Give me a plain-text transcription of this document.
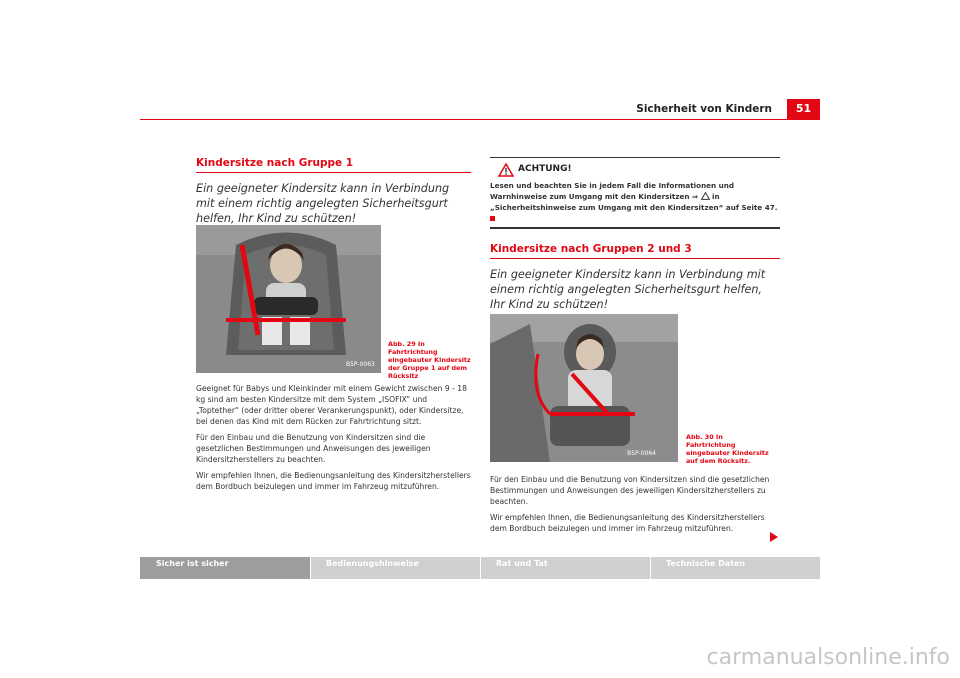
Sicherheit von Kindern	51
Kindersitze nach Gruppe 1

Ein geeigneter Kindersitz kann in Verbindung mit einem richtig angelegten Sicherheitsgurt helfen, Ihr Kind zu schützen!

B5P-0063
Abb. 29 In Fahrtrichtung eingebauter Kindersitz der Gruppe 1 auf dem Rücksitz

Geeignet für Babys und Kleinkinder mit einem Gewicht zwischen 9 - 18 kg sind am besten Kindersitze mit dem System „ISOFIX“ und „Toptether“ (oder dritter oberer Verankerungspunkt), oder Kindersitze, bei denen das Kind mit dem Rücken zur Fahrtrichtung sitzt.

Für den Einbau und die Benutzung von Kindersitzen sind die gesetzlichen Bestimmungen und Anweisungen des jeweiligen Kindersitzherstellers zu beachten.

Wir empfehlen Ihnen, die Bedienungsanleitung des Kindersitzherstellers dem Bordbuch beizulegen und immer im Fahrzeug mitzuführen.

ACHTUNG!

Lesen und beachten Sie in jedem Fall die Informationen und Warnhinweise zum Umgang mit den Kindersitzen ⇒  in „Sicherheitshinweise zum Umgang mit den Kindersitzen“ auf Seite 47.

Kindersitze nach Gruppen 2 und 3

Ein geeigneter Kindersitz kann in Verbindung mit einem richtig angelegten Sicherheitsgurt helfen, Ihr Kind zu schützen!

B5P-0064
Abb. 30 In Fahrtrichtung eingebauter Kindersitz auf dem Rücksitz.

Für den Einbau und die Benutzung von Kindersitzen sind die gesetzlichen Bestimmungen und Anweisungen des jeweiligen Kindersitzherstellers zu beachten.

Wir empfehlen Ihnen, die Bedienungsanleitung des Kindersitzherstellers dem Bordbuch beizulegen und immer im Fahrzeug mitzuführen.

Sicher ist sicher	Bedienungshinweise	Rat und Tat	Technische Daten
carmanualsonline.info
